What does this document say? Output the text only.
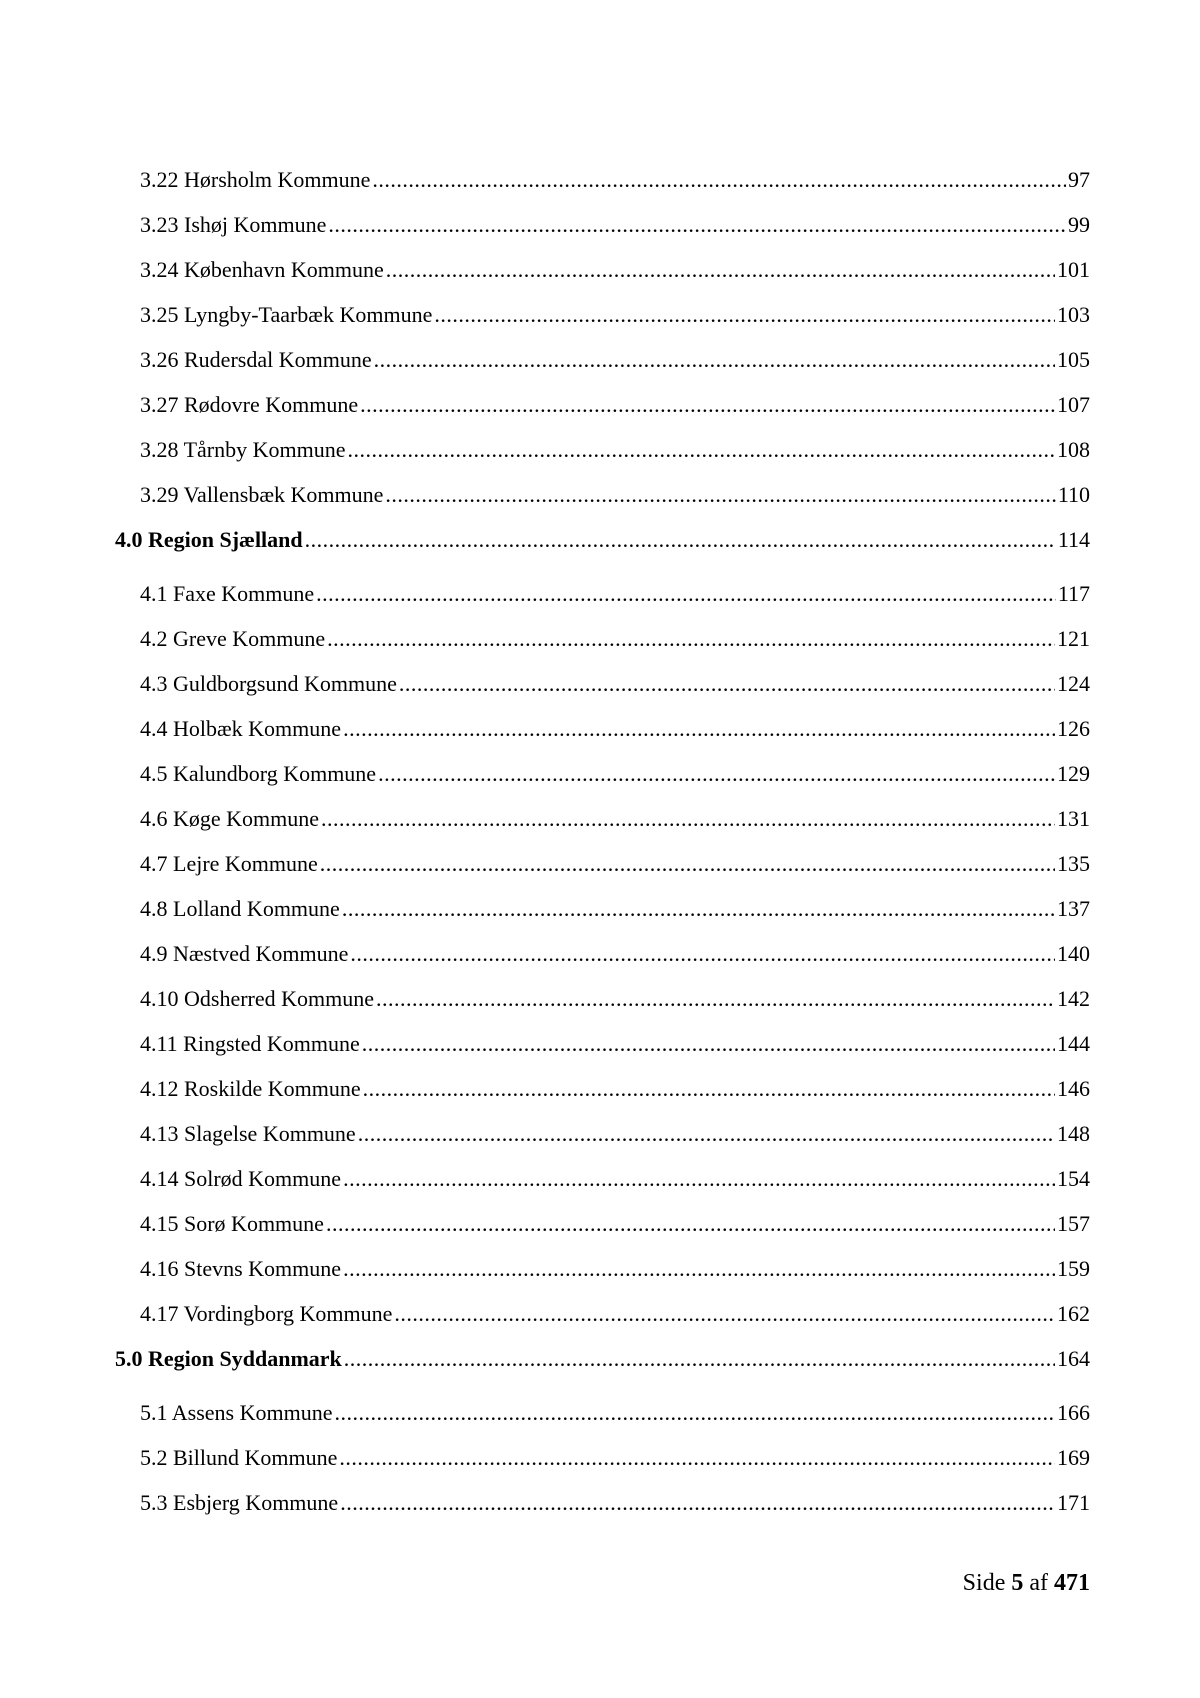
3.22 Hørsholm Kommune .....	97
3.23 Ishøj Kommune .....	99
3.24 København Kommune .....	101
3.25 Lyngby-Taarbæk Kommune .....	103
3.26 Rudersdal Kommune .....	105
3.27 Rødovre Kommune .....	107
3.28 Tårnby Kommune .....	108
3.29 Vallensbæk Kommune .....	110
4.0 Region Sjælland .....	114
4.1 Faxe Kommune .....	117
4.2 Greve Kommune .....	121
4.3 Guldborgsund Kommune .....	124
4.4 Holbæk Kommune .....	126
4.5 Kalundborg Kommune .....	129
4.6 Køge Kommune .....	131
4.7 Lejre Kommune .....	135
4.8 Lolland Kommune .....	137
4.9 Næstved Kommune .....	140
4.10 Odsherred Kommune .....	142
4.11 Ringsted Kommune .....	144
4.12 Roskilde Kommune .....	146
4.13 Slagelse Kommune .....	148
4.14 Solrød Kommune .....	154
4.15 Sorø Kommune .....	157
4.16 Stevns Kommune .....	159
4.17 Vordingborg Kommune .....	162
5.0 Region Syddanmark .....	164
5.1 Assens Kommune .....	166
5.2 Billund Kommune .....	169
5.3 Esbjerg Kommune .....	171
Side 5 af 471
